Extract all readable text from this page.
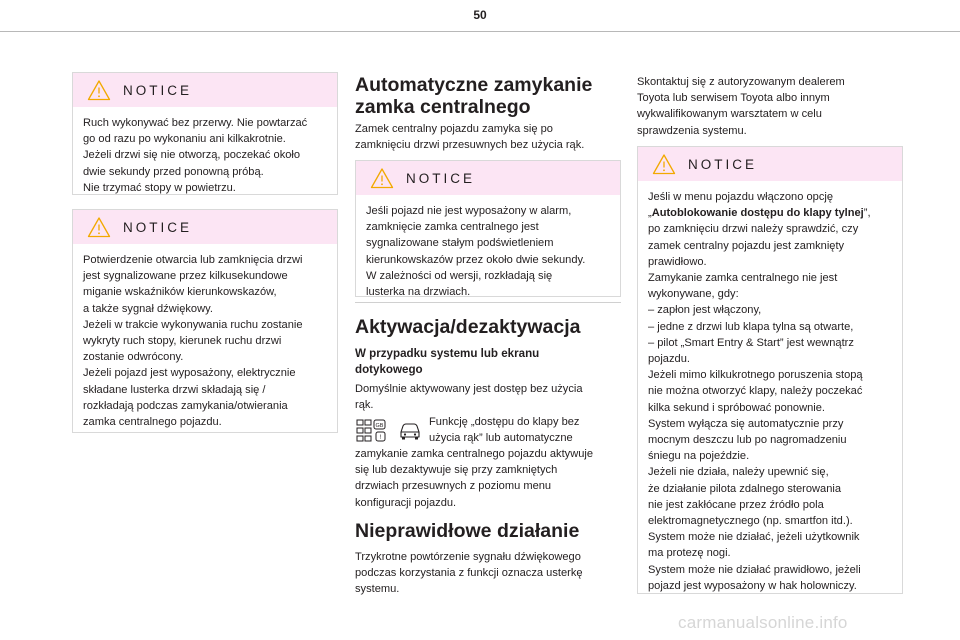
50
NOTICE
Ruch wykonywać bez przerwy. Nie powtarzać
go od razu po wykonaniu ani kilkakrotnie.
Jeżeli drzwi się nie otworzą, poczekać około
dwie sekundy przed ponowną próbą.
Nie trzymać stopy w powietrzu.
NOTICE
Potwierdzenie otwarcia lub zamknięcia drzwi
jest sygnalizowane przez kilkusekundowe
miganie wskaźników kierunkowskazów,
a także sygnał dźwiękowy.
Jeżeli w trakcie wykonywania ruchu zostanie
wykryty ruch stopy, kierunek ruchu drzwi
zostanie odwrócony.
Jeżeli pojazd jest wyposażony, elektrycznie
składane lusterka drzwi składają się /
rozkładają podczas zamykania/otwierania
zamka centralnego pojazdu.
Automatyczne zamykanie
zamka centralnego
Zamek centralny pojazdu zamyka się po
zamknięciu drzwi przesuwnych bez użycia rąk.
NOTICE
Jeśli pojazd nie jest wyposażony w alarm,
zamknięcie zamka centralnego jest
sygnalizowane stałym podświetleniem
kierunkowskazów przez około dwie sekundy.
W zależności od wersji, rozkładają się
lusterka na drzwiach.
Aktywacja/dezaktywacja
W przypadku systemu lub ekranu
dotykowego
Domyślnie aktywowany jest dostęp bez użycia
rąk.
GB
!
Funkcję „dostępu do klapy bez
użycia rąk” lub automatyczne
zamykanie zamka centralnego pojazdu aktywuje
się lub dezaktywuje się przy zamkniętych
drzwiach przesuwnych z poziomu menu
konfiguracji pojazdu.
Nieprawidłowe działanie
Trzykrotne powtórzenie sygnału dźwiękowego
podczas korzystania z funkcji oznacza usterkę
systemu.
Skontaktuj się z autoryzowanym dealerem
Toyota lub serwisem Toyota albo innym
wykwalifikowanym warsztatem w celu
sprawdzenia systemu.
NOTICE
Jeśli w menu pojazdu włączono opcję
„Autoblokowanie dostępu do klapy tylnej”,
po zamknięciu drzwi należy sprawdzić, czy
zamek centralny pojazdu jest zamknięty
prawidłowo.
Zamykanie zamka centralnego nie jest
wykonywane, gdy:
– zapłon jest włączony,
– jedne z drzwi lub klapa tylna są otwarte,
– pilot „Smart Entry & Start” jest wewnątrz
pojazdu.
Jeżeli mimo kilkukrotnego poruszenia stopą
nie można otworzyć klapy, należy poczekać
kilka sekund i spróbować ponownie.
System wyłącza się automatycznie przy
mocnym deszczu lub po nagromadzeniu
śniegu na pojeździe.
Jeżeli nie działa, należy upewnić się,
że działanie pilota zdalnego sterowania
nie jest zakłócane przez źródło pola
elektromagnetycznego (np. smartfon itd.).
System może nie działać, jeżeli użytkownik
ma protezę nogi.
System może nie działać prawidłowo, jeżeli
pojazd jest wyposażony w hak holowniczy.
carmanualsonline.info
